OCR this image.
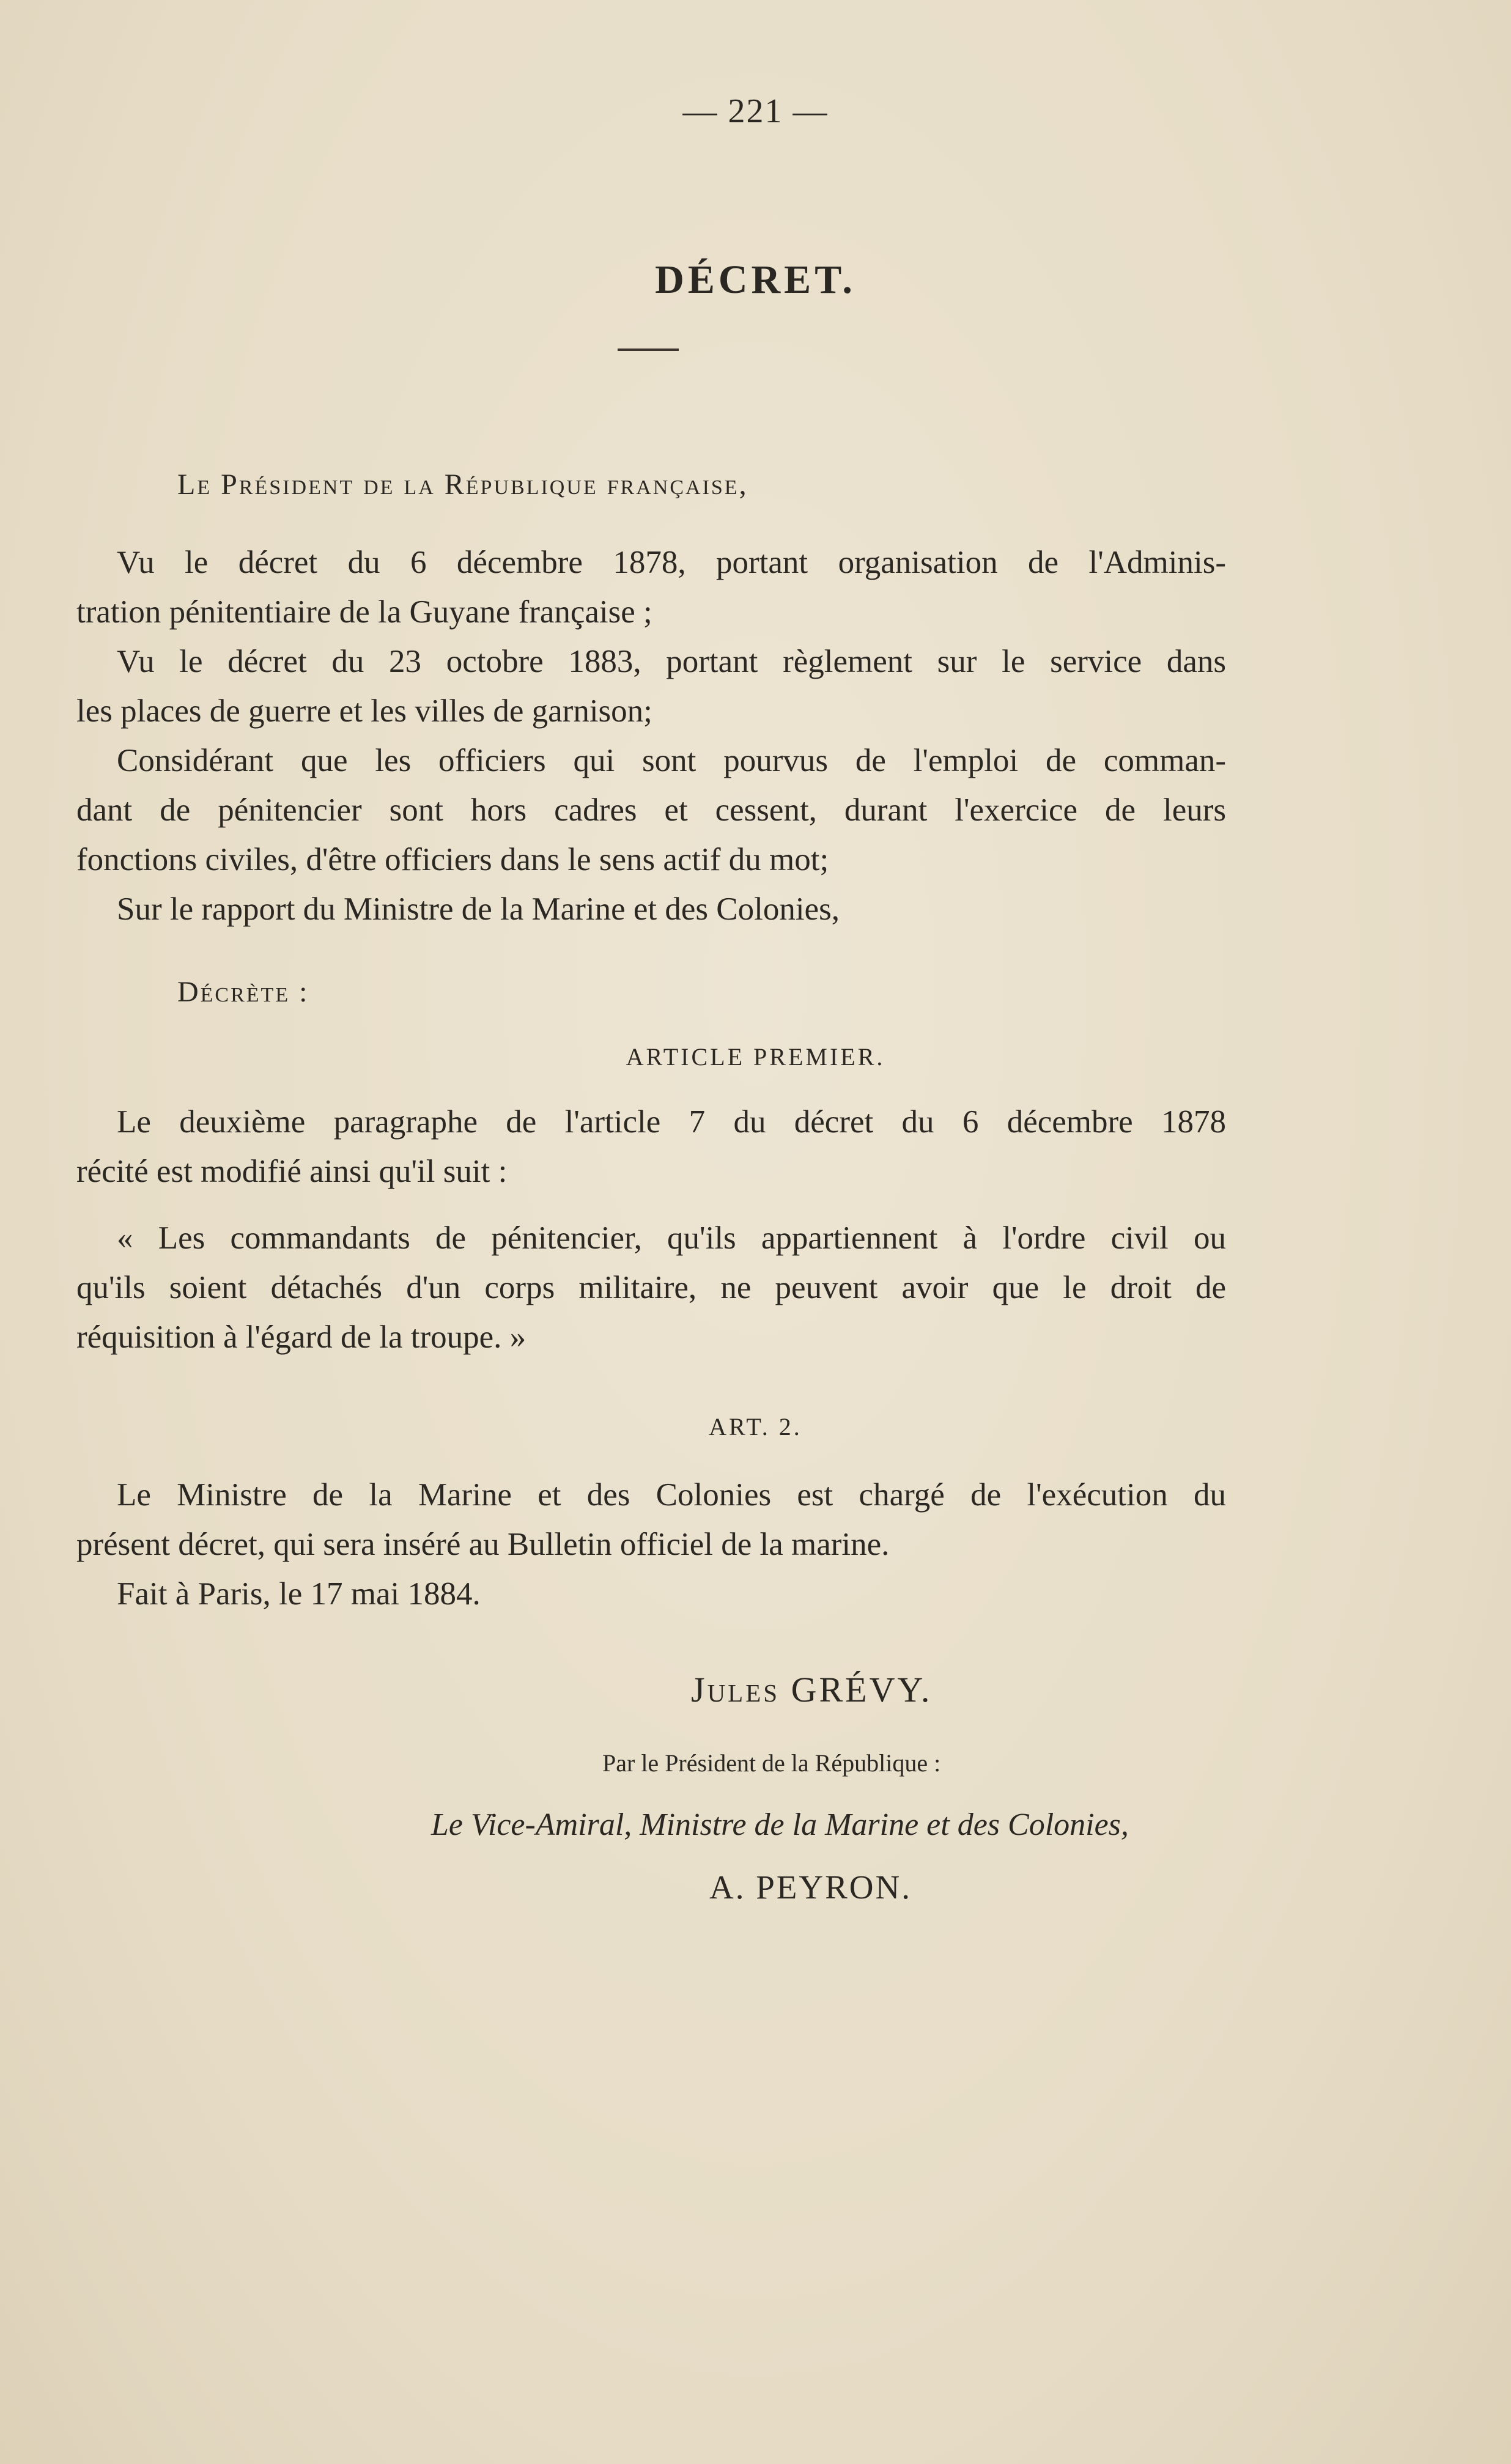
— 221 —
DÉCRET.
Le Président de la République française,
Vu le décret du 6 décembre 1878, portant organisation de l'Adminis-
tration pénitentiaire de la Guyane française ;
Vu le décret du 23 octobre 1883, portant règlement sur le service dans
les places de guerre et les villes de garnison;
Considérant que les officiers qui sont pourvus de l'emploi de comman-
dant de pénitencier sont hors cadres et cessent, durant l'exercice de leurs
fonctions civiles, d'être officiers dans le sens actif du mot;
Sur le rapport du Ministre de la Marine et des Colonies,
Décrète :
ARTICLE PREMIER.
Le deuxième paragraphe de l'article 7 du décret du 6 décembre 1878
récité est modifié ainsi qu'il suit :
« Les commandants de pénitencier, qu'ils appartiennent à l'ordre civil ou
qu'ils soient détachés d'un corps militaire, ne peuvent avoir que le droit de
réquisition à l'égard de la troupe. »
ART. 2.
Le Ministre de la Marine et des Colonies est chargé de l'exécution du
présent décret, qui sera inséré au Bulletin officiel de la marine.
Fait à Paris, le 17 mai 1884.
Jules GRÉVY.
Par le Président de la République :
Le Vice-Amiral, Ministre de la Marine et des Colonies,
A. PEYRON.
